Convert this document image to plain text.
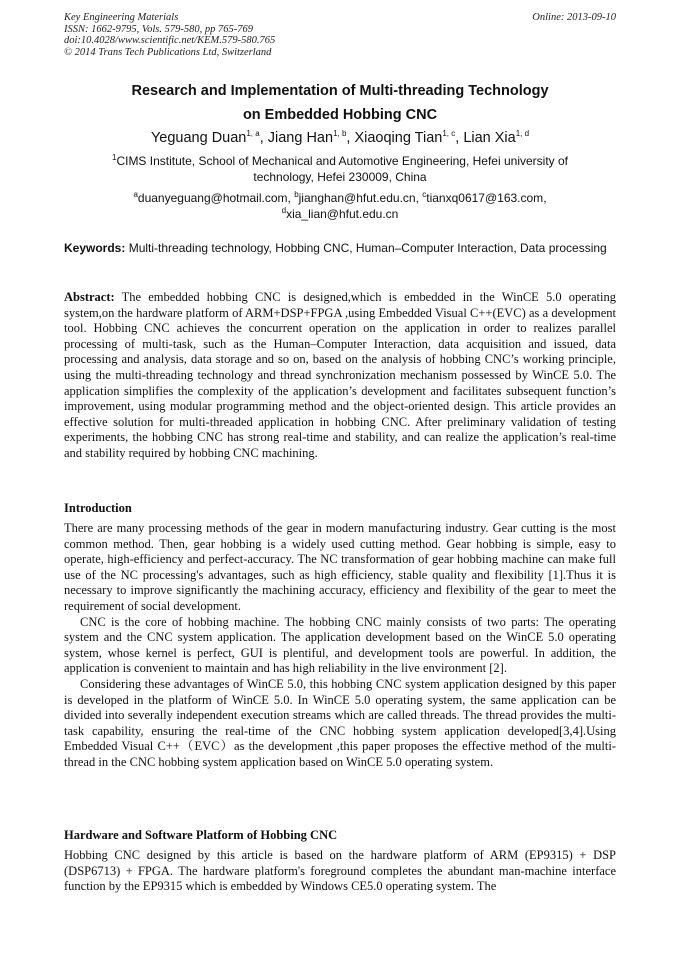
Key Engineering Materials
ISSN: 1662-9795, Vols. 579-580, pp 765-769
doi:10.4028/www.scientific.net/KEM.579-580.765
© 2014 Trans Tech Publications Ltd, Switzerland
Online: 2013-09-10
Research and Implementation of Multi-threading Technology
on Embedded Hobbing CNC
Yeguang Duan$^{1, a}$, Jiang Han$^{1, b}$, Xiaoqing Tian$^{1, c}$, Lian Xia$^{1, d}$
$^1$CIMS Institute, School of Mechanical and Automotive Engineering, Hefei university of technology, Hefei 230009, China
$^a$duanyeguang@hotmail.com, $^b$jianghan@hfut.edu.cn, $^c$tianxq0617@163.com,
$^d$xia_lian@hfut.edu.cn
Keywords: Multi-threading technology, Hobbing CNC, Human–Computer Interaction, Data processing

Abstract: The embedded hobbing CNC is designed,which is embedded in the WinCE 5.0 operating system,on the hardware platform of ARM+DSP+FPGA ,using Embedded Visual C++(EVC) as a development tool. Hobbing CNC achieves the concurrent operation on the application in order to realizes parallel processing of multi-task, such as the Human–Computer Interaction, data acquisition and issued, data processing and analysis, data storage and so on, based on the analysis of hobbing CNC’s working principle, using the multi-threading technology and thread synchronization mechanism possessed by WinCE 5.0. The application simplifies the complexity of the application’s development and facilitates subsequent function’s improvement, using modular programming method and the object-oriented design. This article provides an effective solution for multi-threaded application in hobbing CNC. After preliminary validation of testing experiments, the hobbing CNC has strong real-time and stability, and can realize the application’s real-time and stability required by hobbing CNC machining.

Introduction

There are many processing methods of the gear in modern manufacturing industry. Gear cutting is the most common method. Then, gear hobbing is a widely used cutting method. Gear hobbing is simple, easy to operate, high-efficiency and perfect-accuracy. The NC transformation of gear hobbing machine can make full use of the NC processing's advantages, such as high efficiency, stable quality and flexibility [1].Thus it is necessary to improve significantly the machining accuracy, efficiency and flexibility of the gear to meet the requirement of social development.

CNC is the core of hobbing machine. The hobbing CNC mainly consists of two parts: The operating system and the CNC system application. The application development based on the WinCE 5.0 operating system, whose kernel is perfect, GUI is plentiful, and development tools are powerful. In addition, the application is convenient to maintain and has high reliability in the live environment [2].

Considering these advantages of WinCE 5.0, this hobbing CNC system application designed by this paper is developed in the platform of WinCE 5.0. In WinCE 5.0 operating system, the same application can be divided into severally independent execution streams which are called threads. The thread provides the multi-task capability, ensuring the real-time of the CNC hobbing system application developed[3,4].Using Embedded Visual C++（EVC）as the development ,this paper proposes the effective method of the multi-thread in the CNC hobbing system application based on WinCE 5.0 operating system.

Hardware and Software Platform of Hobbing CNC

Hobbing CNC designed by this article is based on the hardware platform of ARM (EP9315) + DSP (DSP6713) + FPGA. The hardware platform's foreground completes the abundant man-machine interface function by the EP9315 which is embedded by Windows CE5.0 operating system. The
